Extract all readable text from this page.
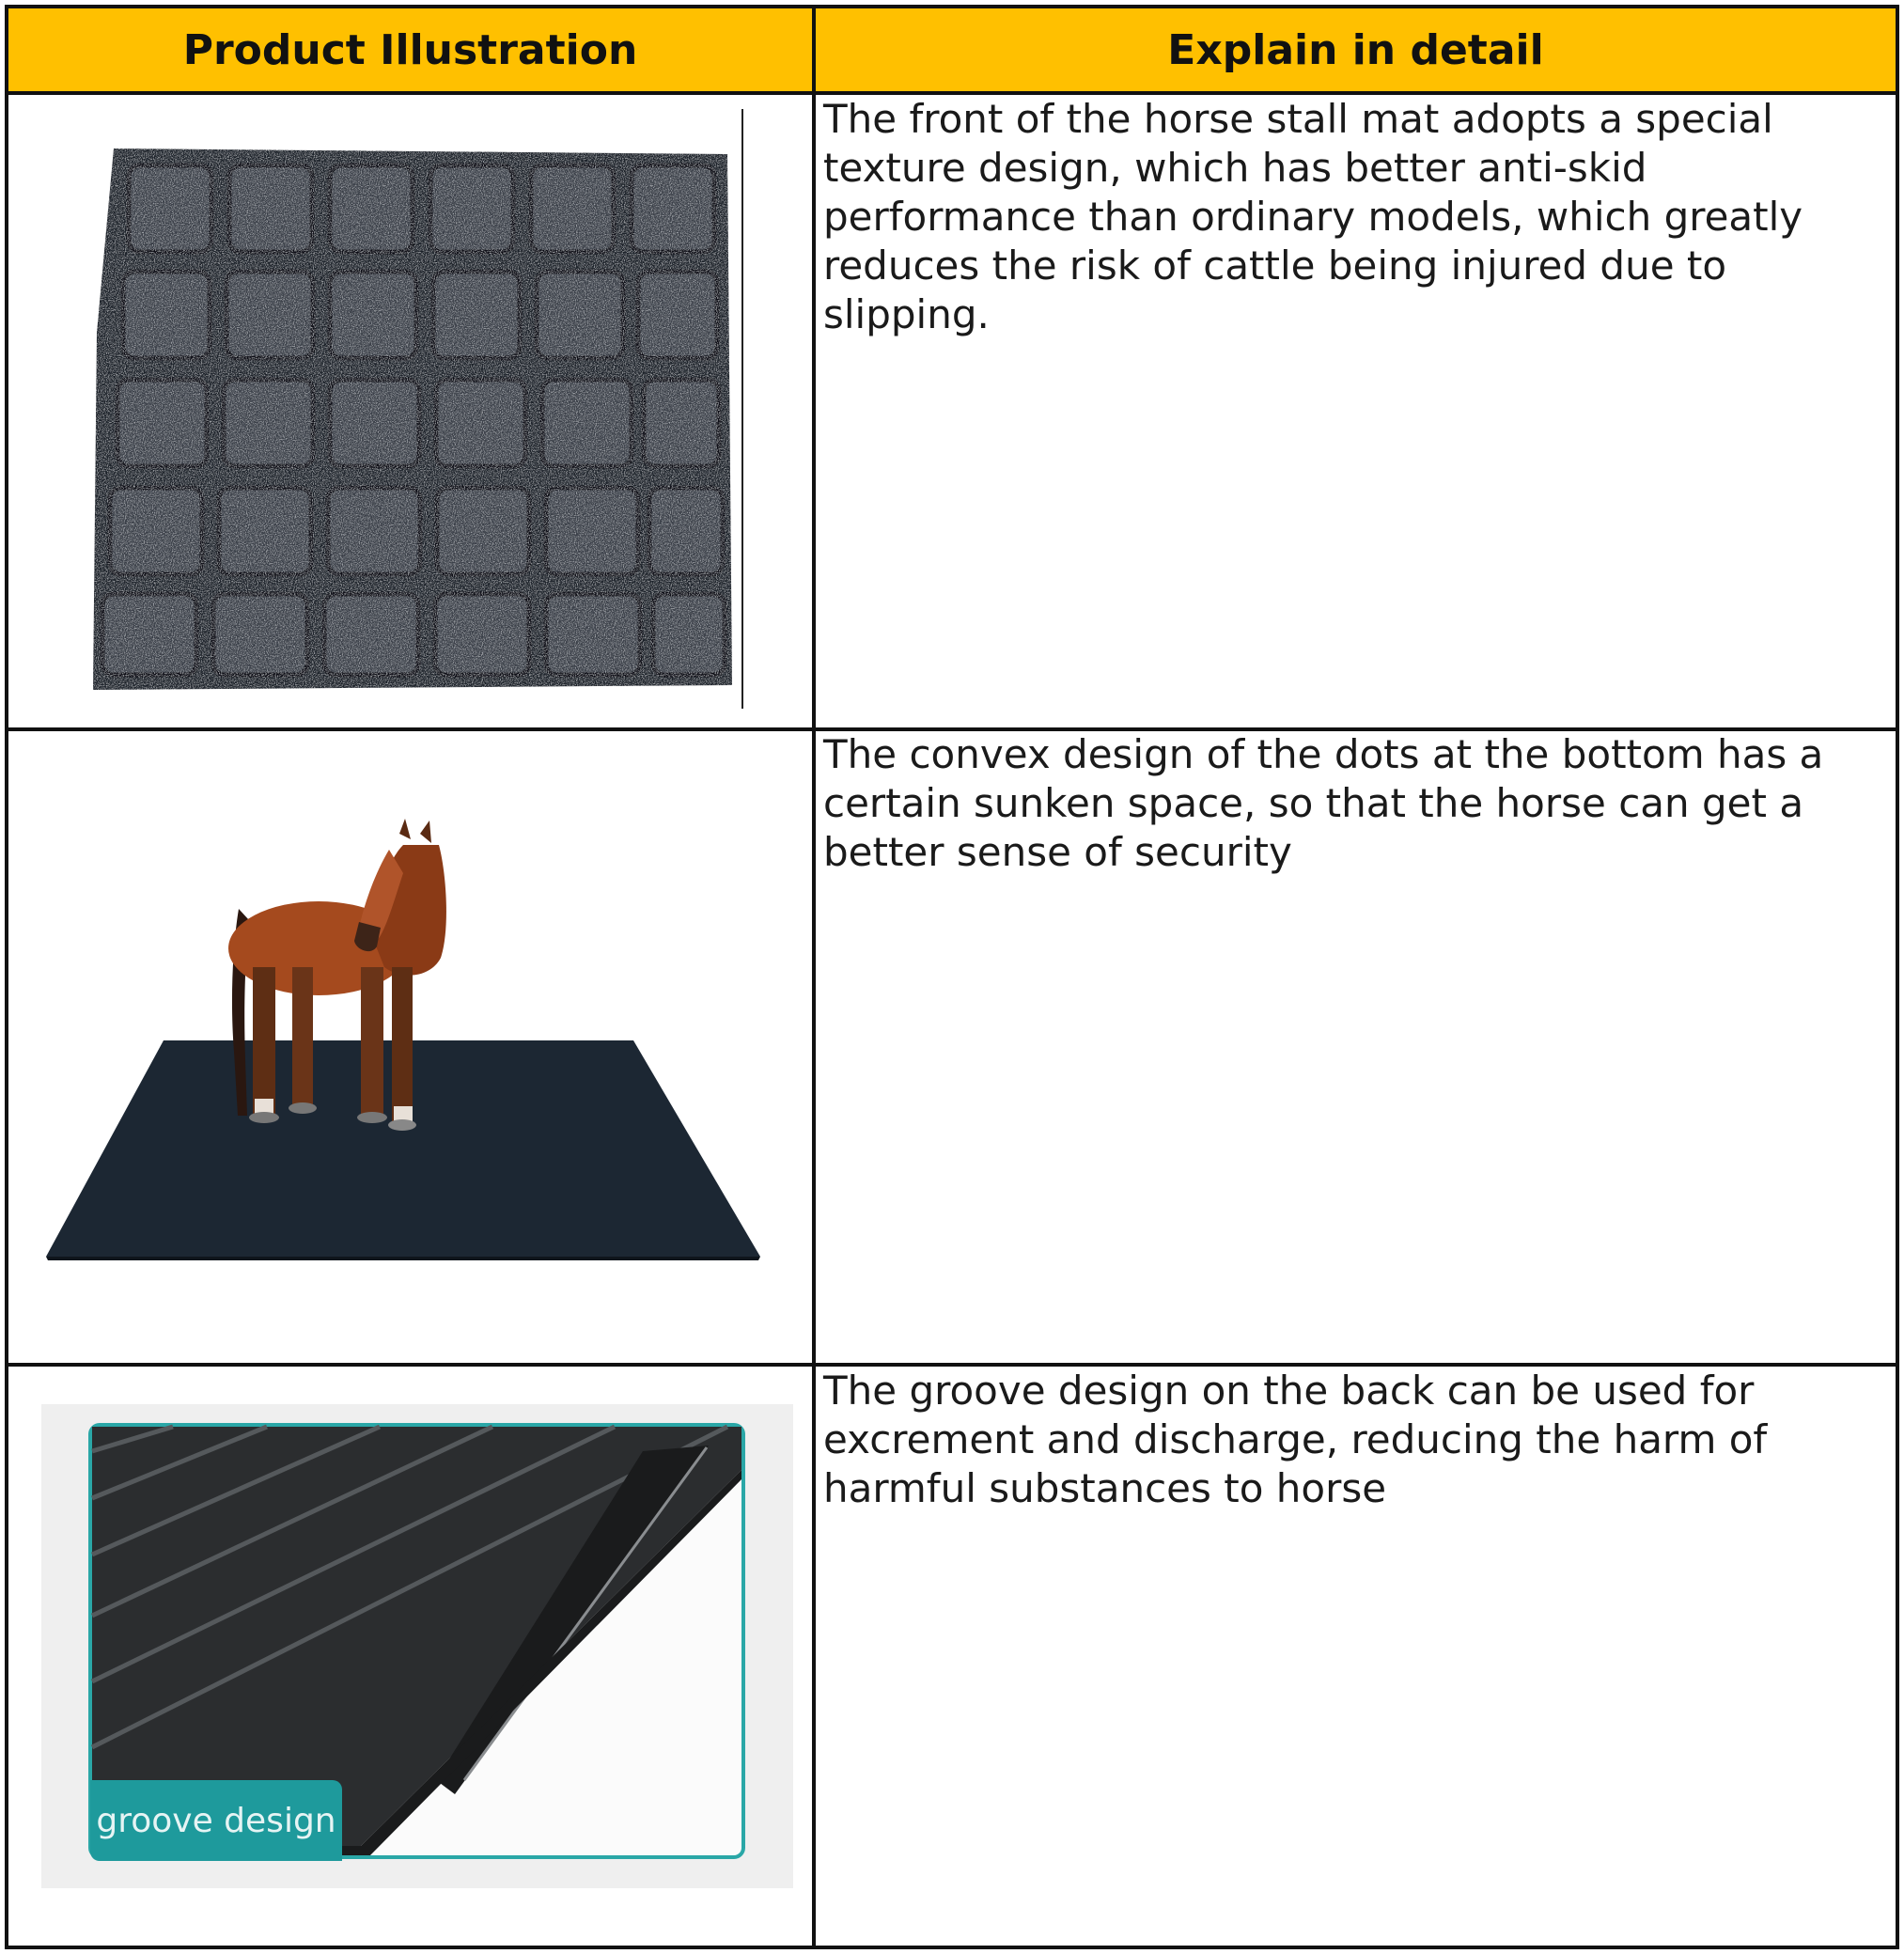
Product Illustration	Explain in detail

The front of the horse stall mat adopts a special texture design, which has better anti-skid performance than ordinary models, which greatly reduces the risk of cattle being injured due to slipping.

The convex design of the dots at the bottom has a certain sunken space, so that the horse can get a better sense of security

groove design

The groove design on the back can be used for excrement and discharge, reducing the harm of harmful substances to horse
